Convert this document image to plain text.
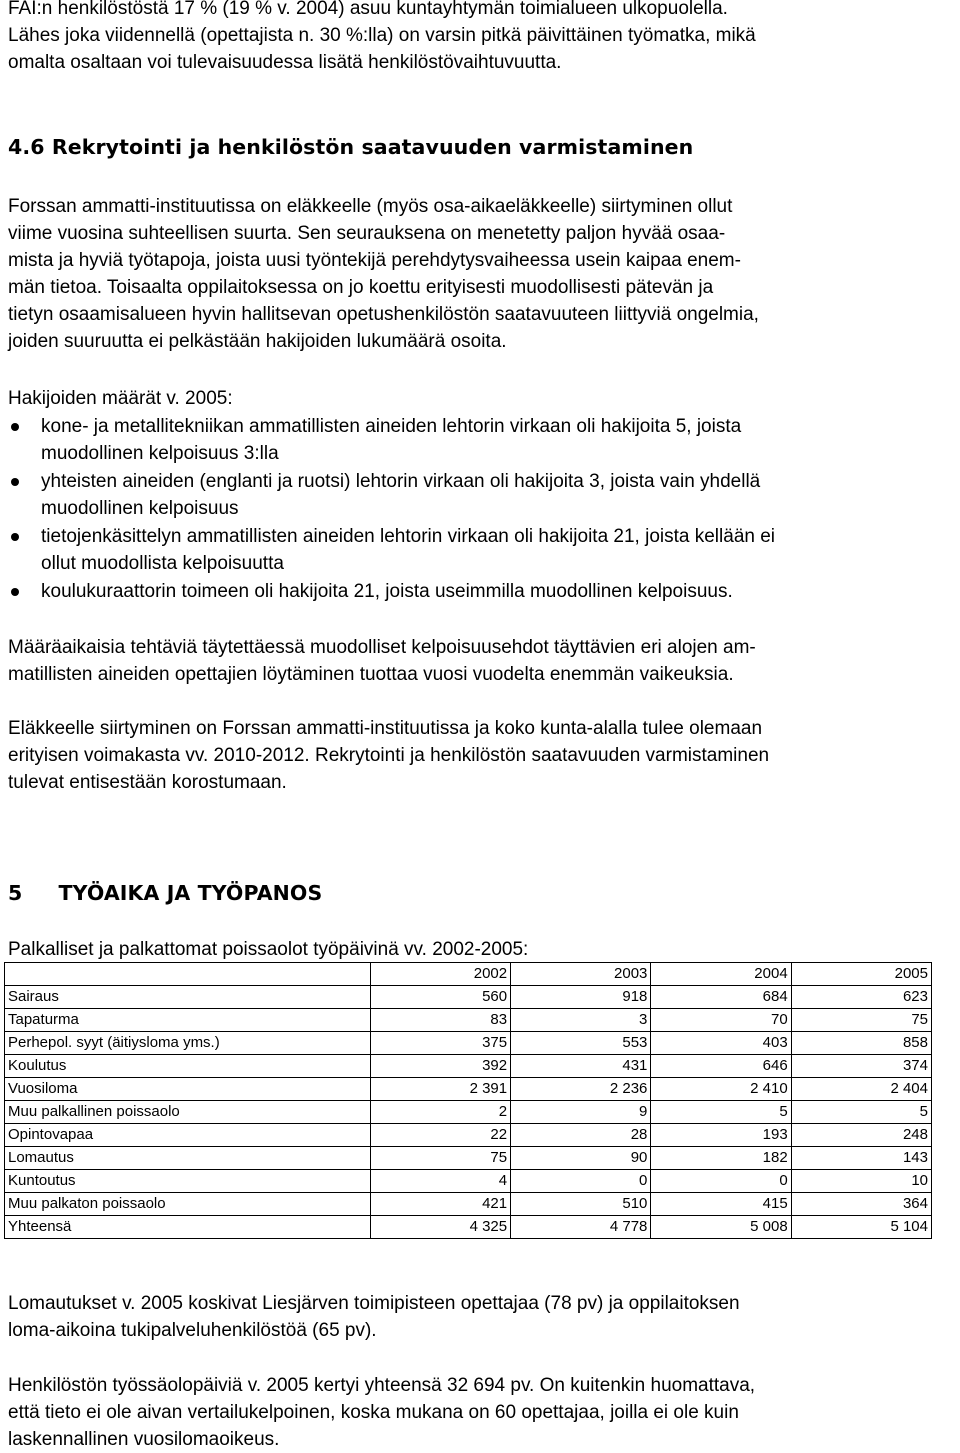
FAI:n henkilöstöstä 17 % (19 % v. 2004) asuu kuntayhtymän toimialueen ulkopuolella.

Lähes joka viidennellä (opettajista n. 30 %:lla) on varsin pitkä päivittäinen työmatka, mikä

omalta osaltaan voi tulevaisuudessa lisätä henkilöstövaihtuvuutta.

4.6 Rekrytointi ja henkilöstön saatavuuden varmistaminen

Forssan ammatti-instituutissa on eläkkeelle (myös osa-aikaeläkkeelle) siirtyminen ollut

viime vuosina suhteellisen suurta. Sen seurauksena on menetetty paljon hyvää osaa-

mista ja hyviä työtapoja, joista uusi työntekijä perehdytysvaiheessa usein kaipaa enem-

män tietoa. Toisaalta oppilaitoksessa on jo koettu erityisesti muodollisesti pätevän ja

tietyn osaamisalueen hyvin hallitsevan opetushenkilöstön saatavuuteen liittyviä ongelmia,

joiden suuruutta ei pelkästään hakijoiden lukumäärä osoita.

Hakijoiden määrät v. 2005:

kone- ja metallitekniikan ammatillisten aineiden lehtorin virkaan oli hakijoita 5, joista
muodollinen kelpoisuus 3:lla
yhteisten aineiden (englanti ja ruotsi) lehtorin virkaan oli hakijoita 3, joista vain yhdellä
muodollinen kelpoisuus
tietojenkäsittelyn ammatillisten aineiden lehtorin virkaan oli hakijoita 21, joista kellään ei
ollut muodollista kelpoisuutta
koulukuraattorin toimeen oli hakijoita 21, joista useimmilla muodollinen kelpoisuus.

Määräaikaisia tehtäviä täytettäessä muodolliset kelpoisuusehdot täyttävien eri alojen am-

matillisten aineiden opettajien löytäminen tuottaa vuosi vuodelta enemmän vaikeuksia.

Eläkkeelle siirtyminen on Forssan ammatti-instituutissa ja koko kunta-alalla tulee olemaan

erityisen voimakasta vv. 2010-2012. Rekrytointi ja henkilöstön saatavuuden varmistaminen

tulevat entisestään korostumaan.

5     TYÖAIKA JA TYÖPANOS

Palkalliset ja palkattomat poissaolot työpäivinä vv. 2002-2005:

	2002	2003	2004	2005
Sairaus	560	918	684	623
Tapaturma	83	3	70	75
Perhepol. syyt (äitiysloma yms.)	375	553	403	858
Koulutus	392	431	646	374
Vuosiloma	2 391	2 236	2 410	2 404
Muu palkallinen poissaolo	2	9	5	5
Opintovapaa	22	28	193	248
Lomautus	75	90	182	143
Kuntoutus	4	0	0	10
Muu palkaton poissaolo	421	510	415	364
Yhteensä	4 325	4 778	5 008	5 104

Lomautukset v. 2005 koskivat Liesjärven toimipisteen opettajaa (78 pv) ja oppilaitoksen

loma-aikoina tukipalveluhenkilöstöä (65 pv).

Henkilöstön työssäolopäiviä v. 2005 kertyi yhteensä 32 694 pv. On kuitenkin huomattava,

että tieto ei ole aivan vertailukelpoinen, koska mukana on 60 opettajaa, joilla ei ole kuin

laskennallinen vuosilomaoikeus.
